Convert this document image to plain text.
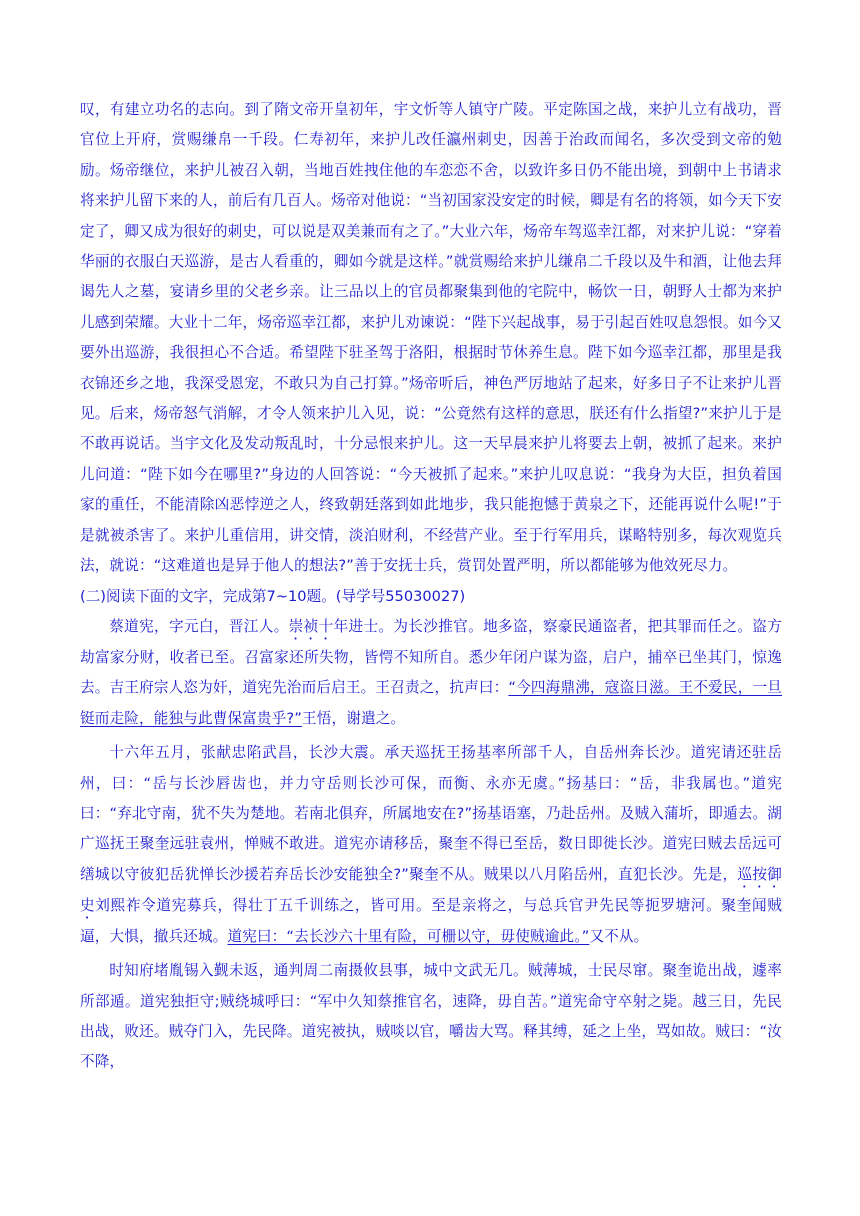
叹，有建立功名的志向。到了隋文帝开皇初年，宇文忻等人镇守广陵。平定陈国之战，来护儿立有战功，晋官位上开府，赏赐缣帛一千段。仁寿初年，来护儿改任瀛州刺史，因善于治政而闻名，多次受到文帝的勉励。炀帝继位，来护儿被召入朝，当地百姓拽住他的车恋恋不舍，以致许多日仍不能出境，到朝中上书请求将来护儿留下来的人，前后有几百人。炀帝对他说：“当初国家没安定的时候，卿是有名的将领，如今天下安定了，卿又成为很好的刺史，可以说是双美兼而有之了。”大业六年，炀帝车驾巡幸江都，对来护儿说：“穿着华丽的衣服白天巡游，是古人看重的，卿如今就是这样。”就赏赐给来护儿缣帛二千段以及牛和酒，让他去拜谒先人之墓，宴请乡里的父老乡亲。让三品以上的官员都聚集到他的宅院中，畅饮一日，朝野人士都为来护儿感到荣耀。大业十二年，炀帝巡幸江都，来护儿劝谏说：“陛下兴起战事，易于引起百姓叹息怨恨。如今又要外出巡游，我很担心不合适。希望陛下驻圣驾于洛阳，根据时节休养生息。陛下如今巡幸江都，那里是我衣锦还乡之地，我深受恩宠，不敢只为自己打算。”炀帝听后，神色严厉地站了起来，好多日子不让来护儿晋见。后来，炀帝怒气消解，才令人领来护儿入见，说：“公竟然有这样的意思，朕还有什么指望?”来护儿于是不敢再说话。当宇文化及发动叛乱时，十分忌恨来护儿。这一天早晨来护儿将要去上朝，被抓了起来。来护儿问道：“陛下如今在哪里?”身边的人回答说：“今天被抓了起来。”来护儿叹息说：“我身为大臣，担负着国家的重任，不能清除凶恶悖逆之人，终致朝廷落到如此地步，我只能抱憾于黄泉之下，还能再说什么呢!”于是就被杀害了。来护儿重信用，讲交情，淡泊财利，不经营产业。至于行军用兵，谋略特别多，每次观览兵法，就说：“这难道也是异于他人的想法?”善于安抚士兵，赏罚处置严明，所以都能够为他效死尽力。

(二)阅读下面的文字，完成第7~10题。(导学号55030027)

蔡道宪，字元白，晋江人。崇祯十年进士。为长沙推官。地多盗，察豪民通盗者，把其罪而任之。盗方劫富家分财，收者已至。召富家还所失物，皆愕不知所自。悉少年闭户谋为盗，启户，捕卒已坐其门，惊逸去。吉王府宗人恣为奸，道宪先治而后启王。王召责之，抗声曰：“今四海鼎沸，寇盗日滋。王不爱民，一旦铤而走险，能独与此曹保富贵乎?”王悟，谢遣之。

十六年五月，张献忠陷武昌，长沙大震。承天巡抚王扬基率所部千人，自岳州奔长沙。道宪请还驻岳州，曰：“岳与长沙唇齿也，并力守岳则长沙可保，而衡、永亦无虞。”扬基曰：“岳，非我属也。”道宪曰：“弃北守南，犹不失为楚地。若南北俱弃，所属地安在?”扬基语塞，乃赴岳州。及贼入蒲圻，即遁去。湖广巡抚王聚奎远驻袁州，惮贼不敢进。道宪亦请移岳，聚奎不得已至岳，数日即徙长沙。道宪曰贼去岳远可缮城以守彼犯岳犹惮长沙援若弃岳长沙安能独全?”聚奎不从。贼果以八月陷岳州，直犯长沙。先是，巡按御史刘熙祚令道宪募兵，得壮丁五千训练之，皆可用。至是亲将之，与总兵官尹先民等扼罗塘河。聚奎闻贼逼，大惧，撤兵还城。道宪曰：“去长沙六十里有险，可栅以守，毋使贼逾此。”又不从。

时知府堵胤锡入觐未返，通判周二南摄攸县事，城中文武无几。贼薄城，士民尽窜。聚奎诡出战，遽率所部遁。道宪独拒守;贼绕城呼曰：“军中久知蔡推官名，速降，毋自苦。”道宪命守卒射之毙。越三日，先民出战，败还。贼夺门入，先民降。道宪被执，贼啖以官，嚼齿大骂。释其缚，延之上坐，骂如故。贼曰：“汝不降，
